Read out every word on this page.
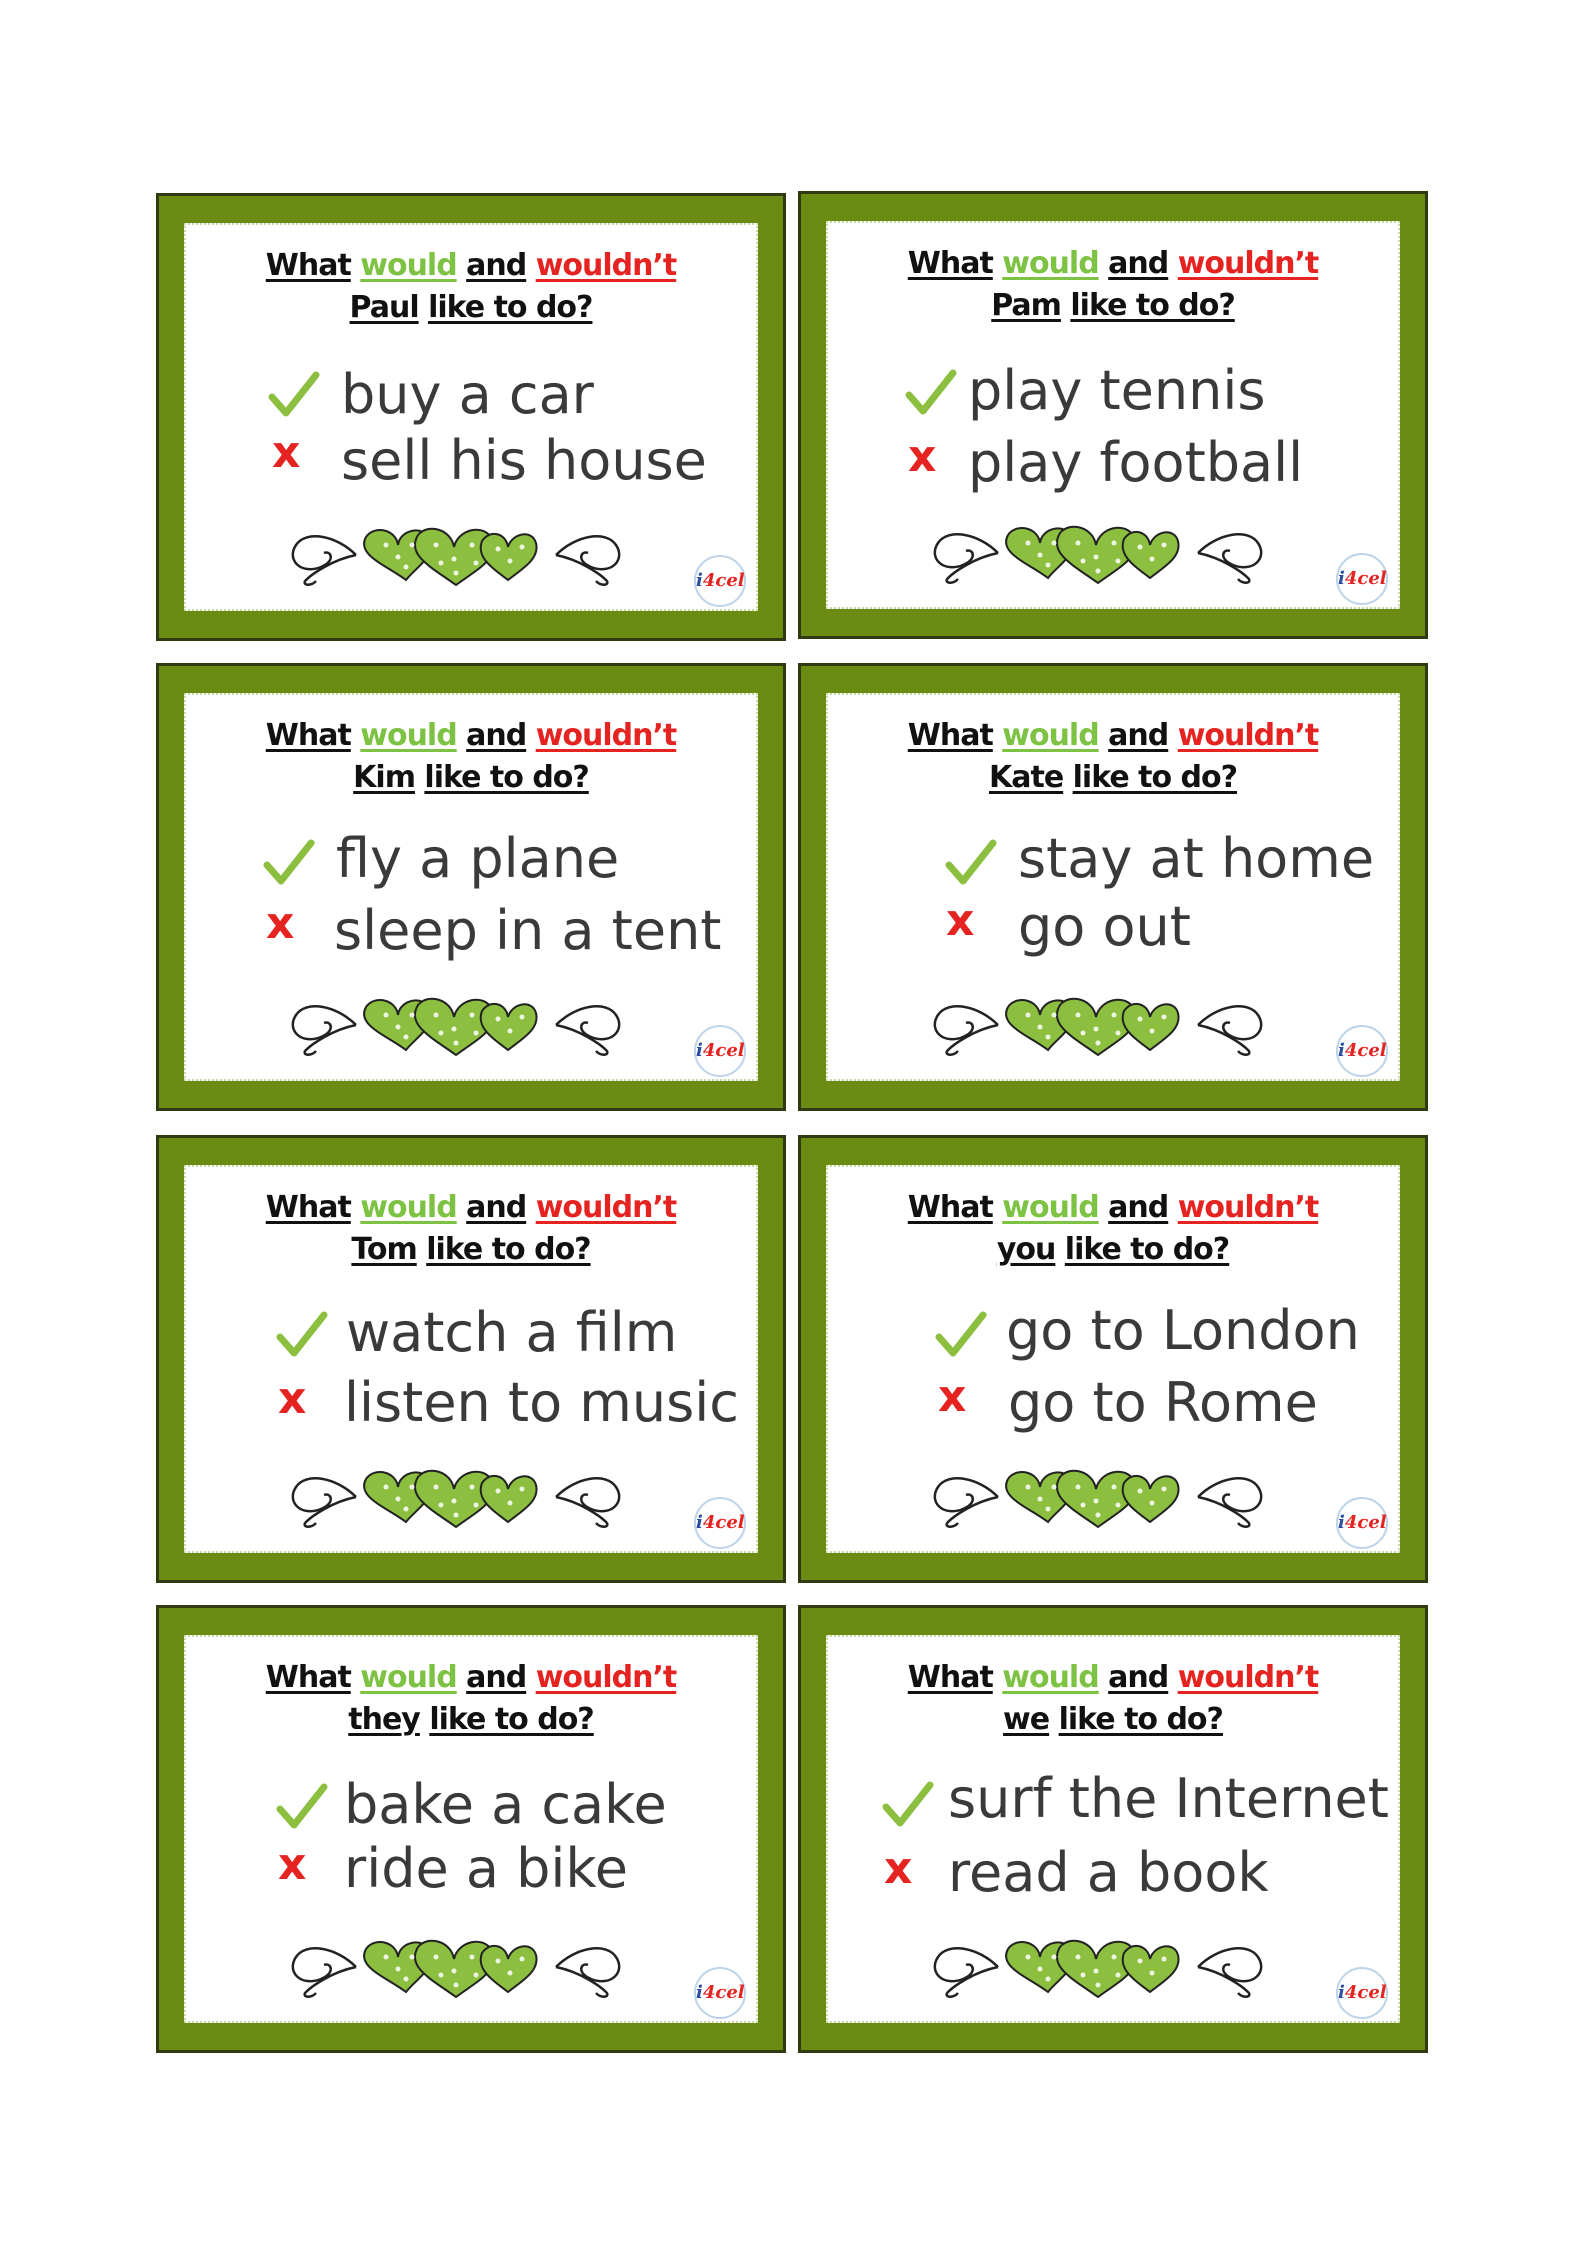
What would and wouldn’t
Paul like to do?
buy a car
x sell his house
i4cel
What would and wouldn’t
Pam like to do?
play tennis
x play football
i4cel
What would and wouldn’t
Kim like to do?
fly a plane
x sleep in a tent
i4cel
What would and wouldn’t
Kate like to do?
stay at home
x go out
i4cel
What would and wouldn’t
Tom like to do?
watch a film
x listen to music
i4cel
What would and wouldn’t
you like to do?
go to London
x go to Rome
i4cel
What would and wouldn’t
they like to do?
bake a cake
x ride a bike
i4cel
What would and wouldn’t
we like to do?
surf the Internet
x read a book
i4cel
